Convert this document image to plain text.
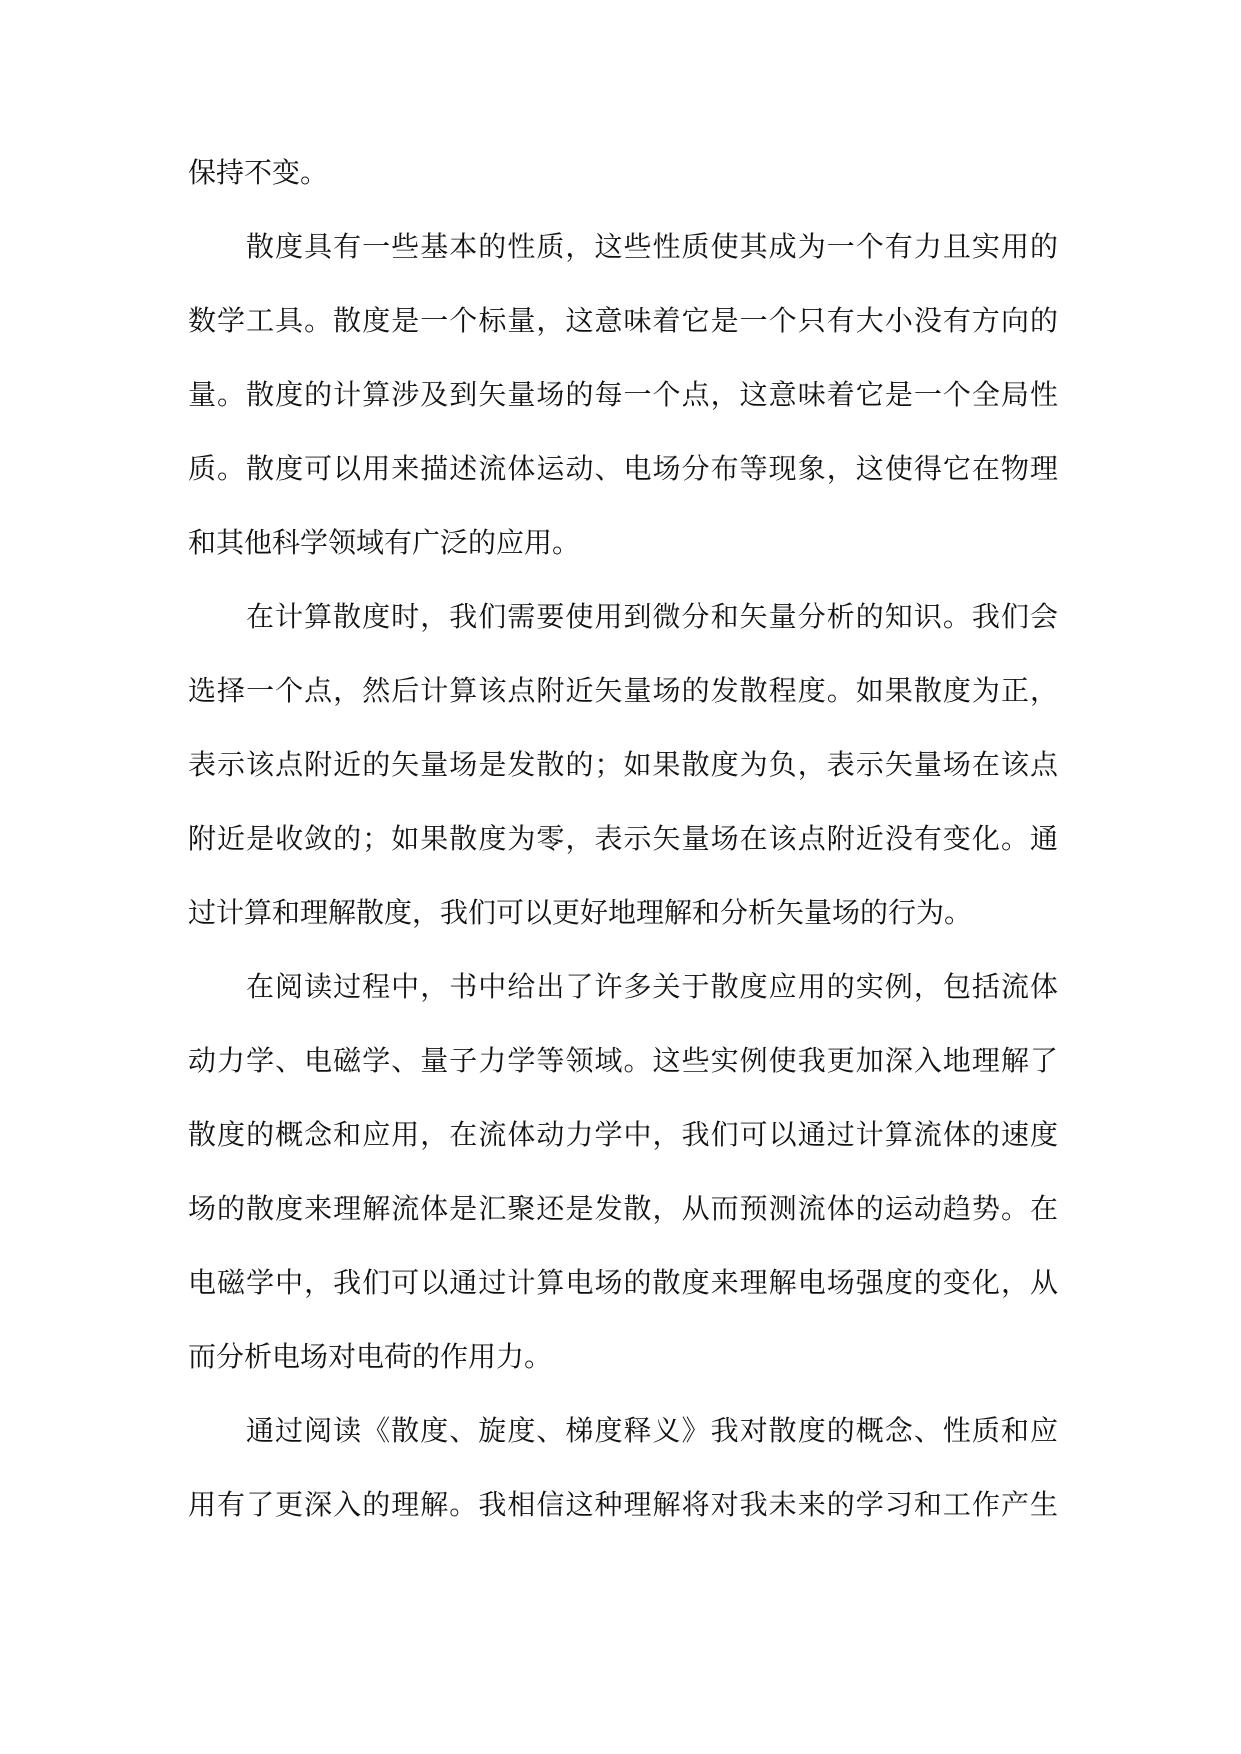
保持不变。
散度具有一些基本的性质，这些性质使其成为一个有力且实用的
数学工具。散度是一个标量，这意味着它是一个只有大小没有方向的
量。散度的计算涉及到矢量场的每一个点，这意味着它是一个全局性
质。散度可以用来描述流体运动、电场分布等现象，这使得它在物理
和其他科学领域有广泛的应用。
在计算散度时，我们需要使用到微分和矢量分析的知识。我们会
选择一个点，然后计算该点附近矢量场的发散程度。如果散度为正，
表示该点附近的矢量场是发散的；如果散度为负，表示矢量场在该点
附近是收敛的；如果散度为零，表示矢量场在该点附近没有变化。通
过计算和理解散度，我们可以更好地理解和分析矢量场的行为。
在阅读过程中，书中给出了许多关于散度应用的实例，包括流体
动力学、电磁学、量子力学等领域。这些实例使我更加深入地理解了
散度的概念和应用，在流体动力学中，我们可以通过计算流体的速度
场的散度来理解流体是汇聚还是发散，从而预测流体的运动趋势。在
电磁学中，我们可以通过计算电场的散度来理解电场强度的变化，从
而分析电场对电荷的作用力。
通过阅读《散度、旋度、梯度释义》我对散度的概念、性质和应
用有了更深入的理解。我相信这种理解将对我未来的学习和工作产生
